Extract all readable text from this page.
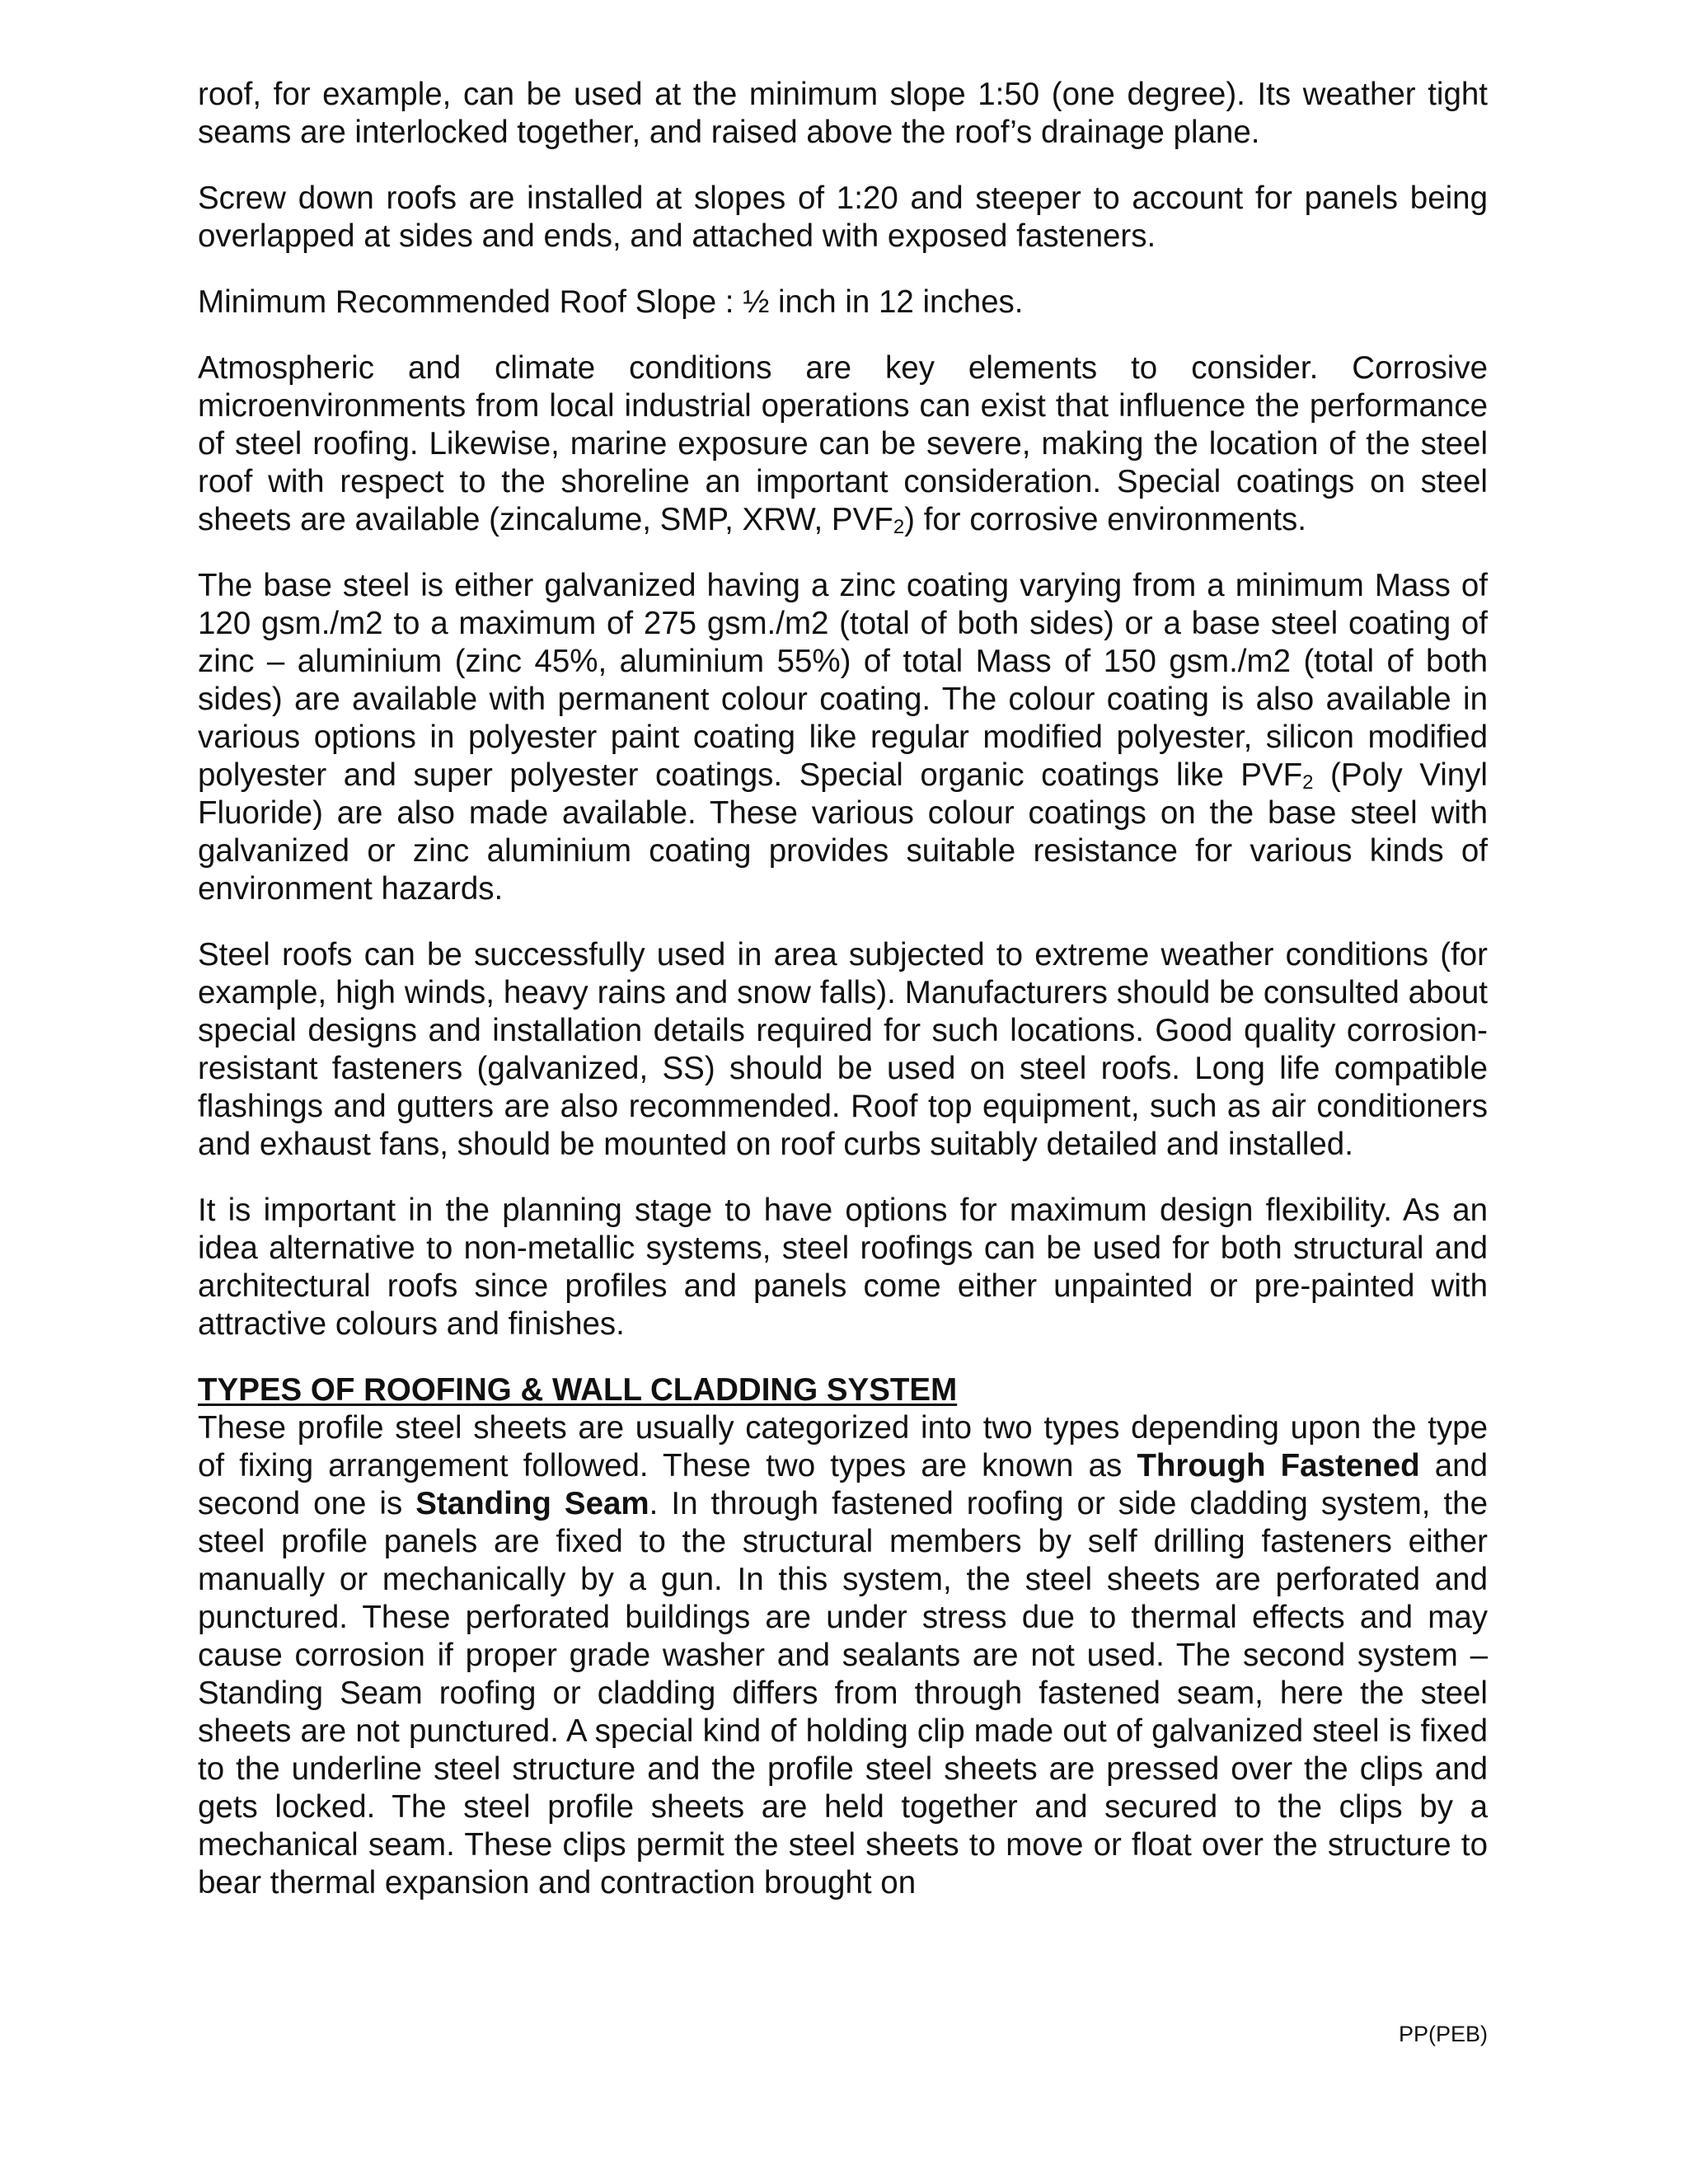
roof, for example, can be used at the minimum slope 1:50 (one degree). Its weather tight seams are interlocked together, and raised above the roof’s drainage plane.

Screw down roofs are installed at slopes of 1:20 and steeper to account for panels being overlapped at sides and ends, and attached with exposed fasteners.

Minimum Recommended Roof Slope : ½ inch in 12 inches.

Atmospheric and climate conditions are key elements to consider. Corrosive microenvironments from local industrial operations can exist that influence the performance of steel roofing. Likewise, marine exposure can be severe, making the location of the steel roof with respect to the shoreline an important consideration. Special coatings on steel sheets are available (zincalume, SMP, XRW, $PVF_2$) for corrosive environments.

The base steel is either galvanized having a zinc coating varying from a minimum Mass of 120 gsm./m2 to a maximum of 275 gsm./m2 (total of both sides) or a base steel coating of zinc – aluminium (zinc 45%, aluminium 55%) of total Mass of 150 gsm./m2 (total of both sides) are available with permanent colour coating. The colour coating is also available in various options in polyester paint coating like regular modified polyester, silicon modified polyester and super polyester coatings. Special organic coatings like $PVF_2$ (Poly Vinyl Fluoride) are also made available. These various colour coatings on the base steel with galvanized or zinc aluminium coating provides suitable resistance for various kinds of environment hazards.

Steel roofs can be successfully used in area subjected to extreme weather conditions (for example, high winds, heavy rains and snow falls). Manufacturers should be consulted about special designs and installation details required for such locations. Good quality corrosion-resistant fasteners (galvanized, SS) should be used on steel roofs. Long life compatible flashings and gutters are also recommended. Roof top equipment, such as air conditioners and exhaust fans, should be mounted on roof curbs suitably detailed and installed.

It is important in the planning stage to have options for maximum design flexibility. As an idea alternative to non-metallic systems, steel roofings can be used for both structural and architectural roofs since profiles and panels come either unpainted or pre-painted with attractive colours and finishes.

TYPES OF ROOFING & WALL CLADDING SYSTEM

These profile steel sheets are usually categorized into two types depending upon the type of fixing arrangement followed. These two types are known as Through Fastened and second one is Standing Seam. In through fastened roofing or side cladding system, the steel profile panels are fixed to the structural members by self drilling fasteners either manually or mechanically by a gun. In this system, the steel sheets are perforated and punctured. These perforated buildings are under stress due to thermal effects and may cause corrosion if proper grade washer and sealants are not used. The second system – Standing Seam roofing or cladding differs from through fastened seam, here the steel sheets are not punctured. A special kind of holding clip made out of galvanized steel is fixed to the underline steel structure and the profile steel sheets are pressed over the clips and gets locked. The steel profile sheets are held together and secured to the clips by a mechanical seam. These clips permit the steel sheets to move or float over the structure to bear thermal expansion and contraction brought on

PP(PEB)
